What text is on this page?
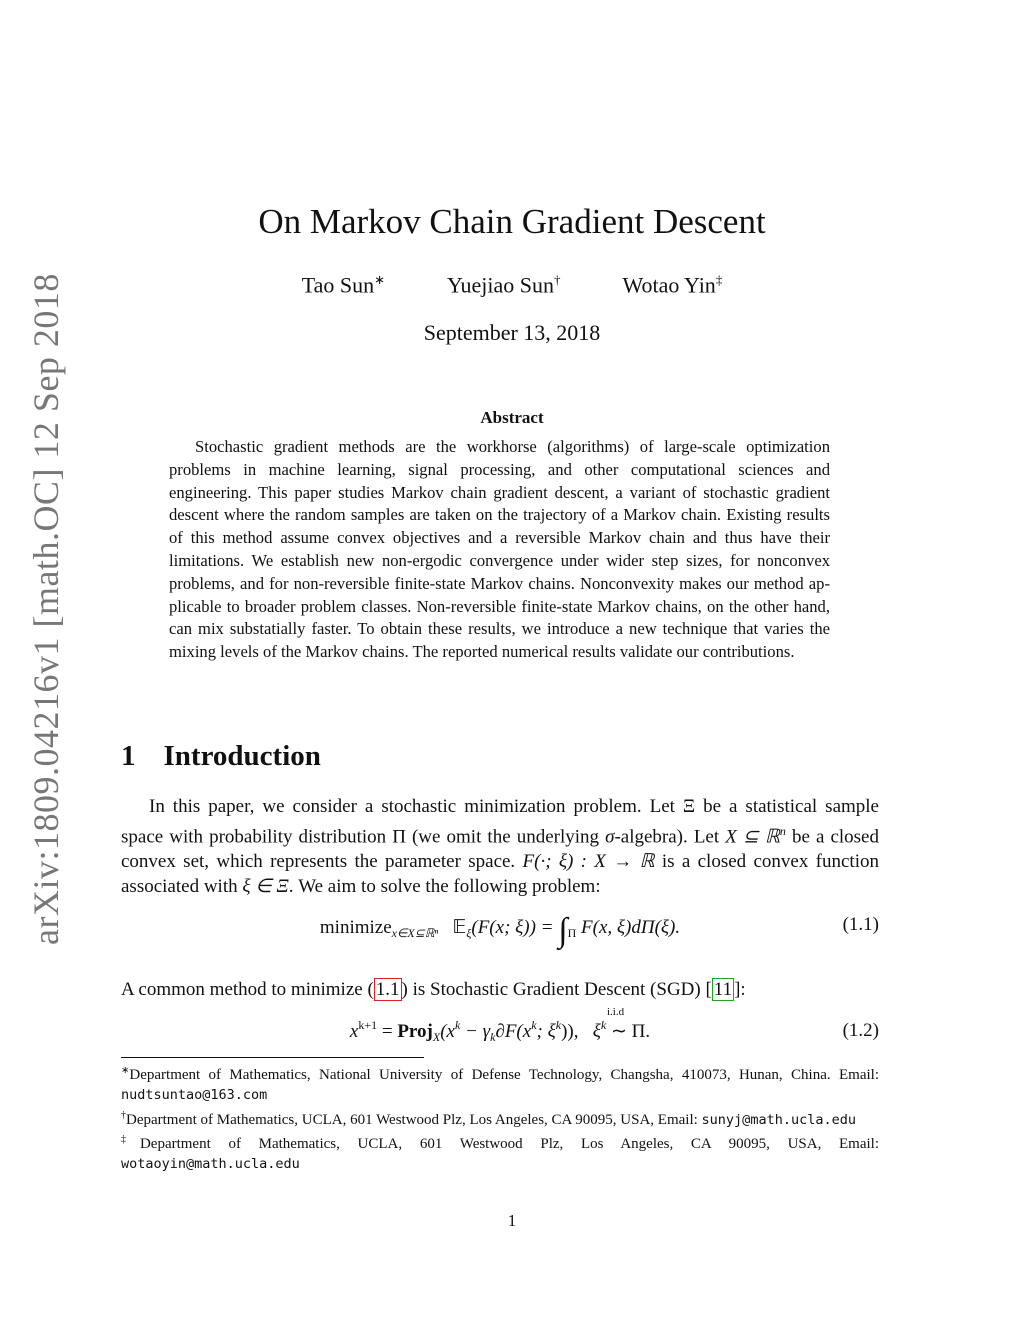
arXiv:1809.04216v1 [math.OC] 12 Sep 2018
On Markov Chain Gradient Descent
Tao Sun∗	Yuejiao Sun†	Wotao Yin‡
September 13, 2018
Abstract
Stochastic gradient methods are the workhorse (algorithms) of large-scale optimization problems in machine learning, signal processing, and other computational sciences and engineering. This paper studies Markov chain gradient descent, a variant of stochastic gradient descent where the random samples are taken on the trajectory of a Markov chain. Existing results of this method assume convex objectives and a reversible Markov chain and thus have their limitations. We establish new non-ergodic convergence under wider step sizes, for nonconvex problems, and for non-reversible finite-state Markov chains. Nonconvexity makes our method applicable to broader problem classes. Non-reversible finite-state Markov chains, on the other hand, can mix substatially faster. To obtain these results, we introduce a new technique that varies the mixing levels of the Markov chains. The reported numerical results validate our contributions.
1 Introduction
In this paper, we consider a stochastic minimization problem. Let Ξ be a statistical sample space with probability distribution Π (we omit the underlying σ-algebra). Let X ⊆ ℝ$^n$ be a closed convex set, which represents the parameter space. F(·; ξ) : X → ℝ is a closed convex function associated with ξ ∈ Ξ. We aim to solve the following problem:
minimize$_{x\in X⊆ℝ^n}$ 𝔼$_\xi$(F(x; $\xi)) = \int_\Pi$ F(x, ξ)dΠ(ξ).	(1.1)
A common method to minimize ( 1.1 ) is Stochastic Gradient Descent (SGD) [ 11 ]:
$x^{k+1}$ = $Proj_X(x^k - \gamma_k\partial F(x^k$; $\xi^k$)), $\xi^k$
i.i.d
∼ Π.	(1.2)

∗Department of Mathematics, National University of Defense Technology, Changsha, 410073, Hunan, China. Email: nudtsuntao@163.com

†Department of Mathematics, UCLA, 601 Westwood Plz, Los Angeles, CA 90095, USA, Email: sunyj@math.ucla.edu

‡Department of Mathematics, UCLA, 601 Westwood Plz, Los Angeles, CA 90095, USA, Email: wotaoyin@math.ucla.edu

1
